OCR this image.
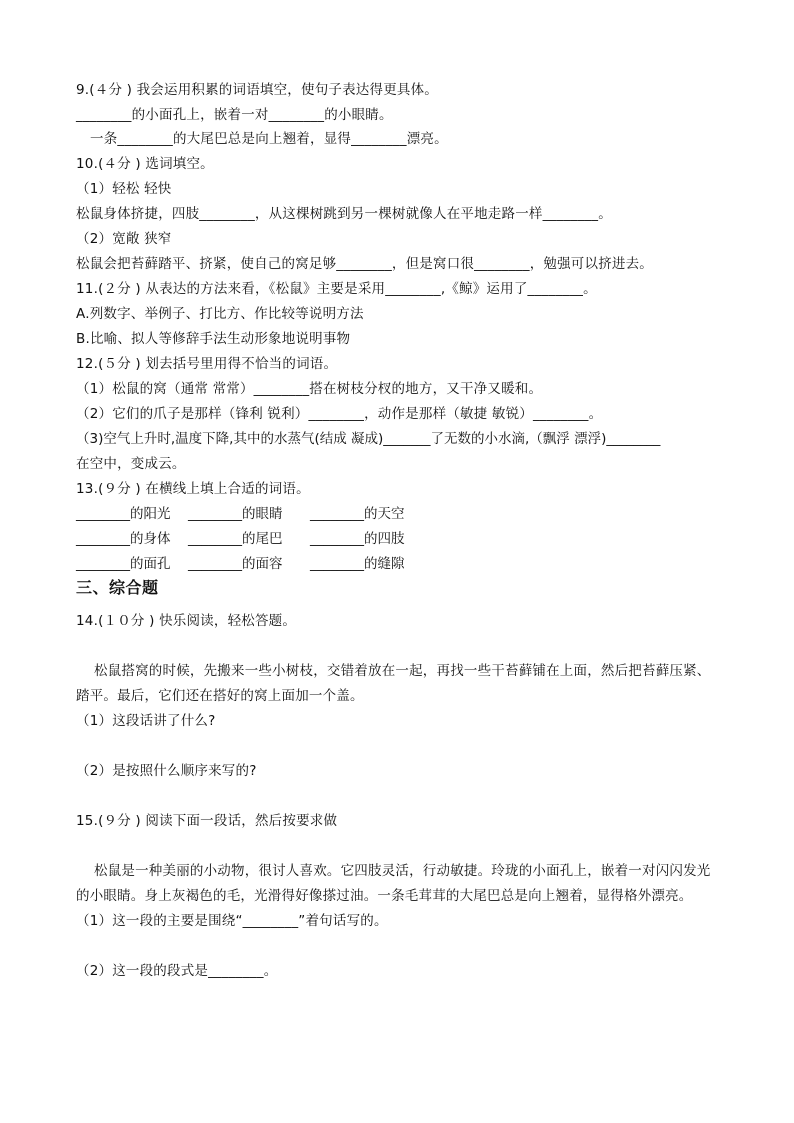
9.(４分 ) 我会运用积累的词语填空，使句子表达得更具体。
________的小面孔上，嵌着一对________的小眼睛。
一条________的大尾巴总是向上翘着，显得________漂亮。
10.(４分 ) 选词填空。
（1）轻松 轻快
松鼠身体挤捷，四肢________，从这棵树跳到另一棵树就像人在平地走路一样________。
（2）宽敞 狭窄
松鼠会把苔藓踏平、挤紧，使自己的窝足够________，但是窝口很________，勉强可以挤进去。
11.(２分 ) 从表达的方法来看，《松鼠》主要是采用________,《鲸》运用了________。
A.列数字、举例子、打比方、作比较等说明方法
B.比喻、拟人等修辞手法生动形象地说明事物
12.(５分 ) 划去括号里用得不恰当的词语。
（1）松鼠的窝（通常 常常）________搭在树枝分杈的地方，又干净又暖和。
（2）它们的爪子是那样（锋利 锐利）________，动作是那样（敏捷 敏锐）________。
（3)空气上升时,温度下降,其中的水蒸气(结成 凝成)_______了无数的小水滴,（飘浮 漂浮)________
在空中，变成云。
13.(９分 ) 在横线上填上合适的词语。
________的阳光 ________的眼睛 ________的天空
________的身体 ________的尾巴 ________的四肢
________的面孔 ________的面容 ________的缝隙
三、综合题
14.(１０分 ) 快乐阅读，轻松答题。
松鼠搭窝的时候，先搬来一些小树枝，交错着放在一起，再找一些干苔藓铺在上面，然后把苔藓压紧、
踏平。最后，它们还在搭好的窝上面加一个盖。
（1）这段话讲了什么?
（2）是按照什么顺序来写的?
15.(９分 ) 阅读下面一段话，然后按要求做
松鼠是一种美丽的小动物，很讨人喜欢。它四肢灵活，行动敏捷。玲珑的小面孔上，嵌着一对闪闪发光
的小眼睛。身上灰褐色的毛，光滑得好像搽过油。一条毛茸茸的大尾巴总是向上翘着，显得格外漂亮。
（1）这一段的主要是围绕“________”着句话写的。
（2）这一段的段式是________。
